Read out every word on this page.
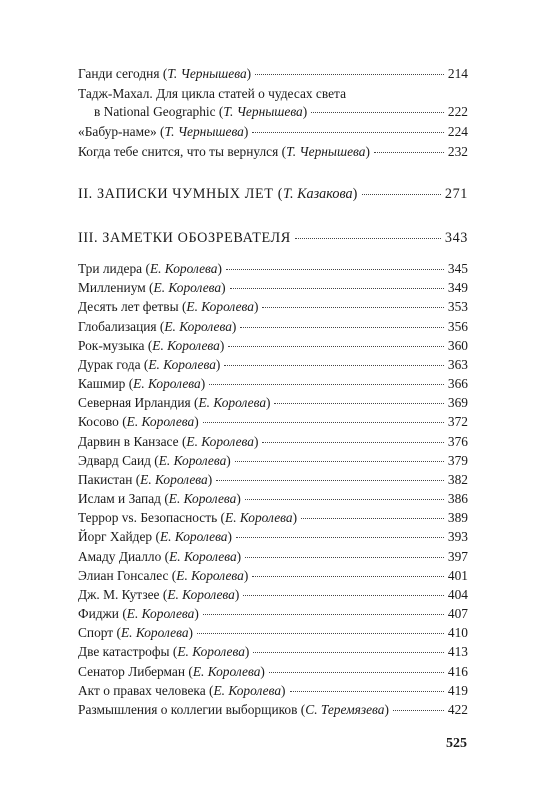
Ганди сегодня (Т. Чернышева)	214
Тадж-Махал. Для цикла статей о чудесах света
в National Geographic (Т. Чернышева)	222
«Бабур-наме» (Т. Чернышева)	224
Когда тебе снится, что ты вернулся (Т. Чернышева)	232
II. ЗАПИСКИ ЧУМНЫХ ЛЕТ (Т. Казакова)	271
III. ЗАМЕТКИ ОБОЗРЕВАТЕЛЯ	343
Три лидера (Е. Королева)	345
Миллениум (Е. Королева)	349
Десять лет фетвы (Е. Королева)	353
Глобализация (Е. Королева)	356
Рок-музыка (Е. Королева)	360
Дурак года (Е. Королева)	363
Кашмир (Е. Королева)	366
Северная Ирландия (Е. Королева)	369
Косово (Е. Королева)	372
Дарвин в Канзасе (Е. Королева)	376
Эдвард Саид (Е. Королева)	379
Пакистан (Е. Королева)	382
Ислам и Запад (Е. Королева)	386
Террор vs. Безопасность (Е. Королева)	389
Йорг Хайдер (Е. Королева)	393
Амаду Диалло (Е. Королева)	397
Элиан Гонсалес (Е. Королева)	401
Дж. М. Кутзее (Е. Королева)	404
Фиджи (Е. Королева)	407
Спорт (Е. Королева)	410
Две катастрофы (Е. Королева)	413
Сенатор Либерман (Е. Королева)	416
Акт о правах человека (Е. Королева)	419
Размышления о коллегии выборщиков (С. Теремязева)	422
525
